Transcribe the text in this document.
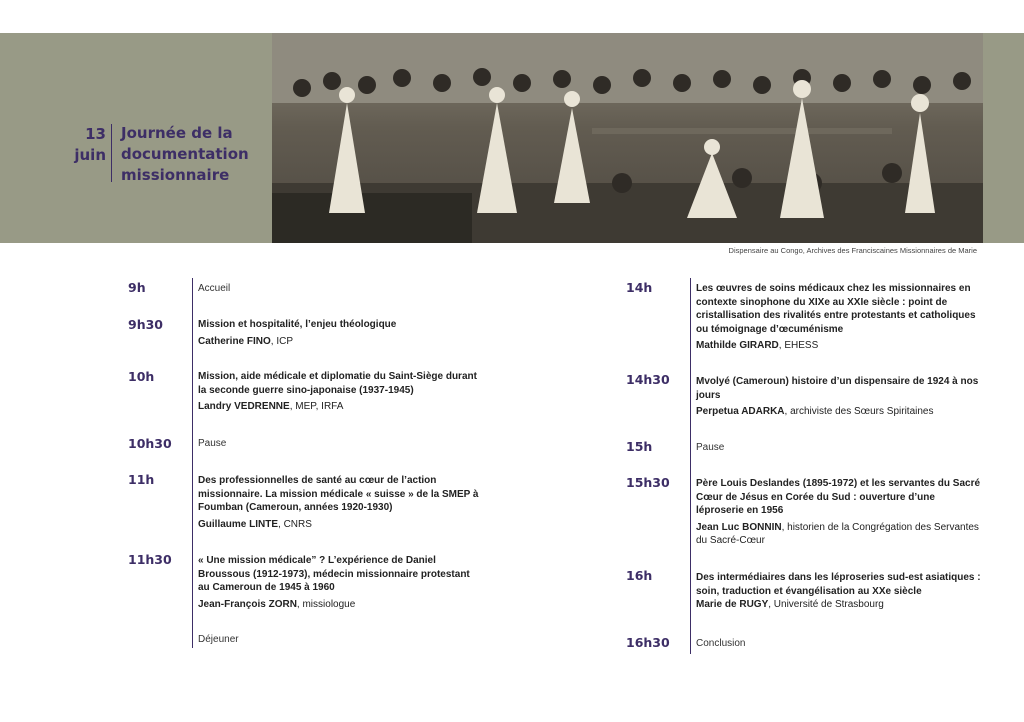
13
juin
Journée de la
documentation
missionnaire
Dispensaire au Congo, Archives des Franciscaines Missionnaires de Marie
9h	Accueil
9h30	Mission et hospitalité, l’enjeu théologique
Catherine FINO, ICP
10h	Mission, aide médicale et diplomatie du Saint-Siège durant la seconde guerre sino-japonaise (1937-1945)
Landry VEDRENNE, MEP, IRFA
10h30	Pause
11h	Des professionnelles de santé au cœur de l’action missionnaire. La mission médicale « suisse » de la SMEP à Foumban (Cameroun, années 1920-1930)
Guillaume LINTE, CNRS
11h30	« Une mission médicale” ? L’expérience de Daniel Broussous (1912-1973), médecin missionnaire protestant au Cameroun de 1945 à 1960
Jean-François ZORN, missiologue
Déjeuner
14h	Les œuvres de soins médicaux chez les missionnaires en contexte sinophone du XIXe au XXIe siècle : point de cristallisation des rivalités entre protestants et catholiques ou témoignage d’œcuménisme
Mathilde GIRARD, EHESS
14h30	Mvolyé (Cameroun) histoire d’un dispensaire de 1924 à nos jours
Perpetua ADARKA, archiviste des Sœurs Spiritaines
15h	Pause
15h30	Père Louis Deslandes (1895-1972) et les servantes du Sacré Cœur de Jésus en Corée du Sud : ouverture d’une léproserie en 1956
Jean Luc BONNIN, historien de la Congrégation des Servantes du Sacré-Cœur
16h	Des intermédiaires dans les léproseries sud-est asiatiques : soin, traduction et évangélisation au XXe siècle
Marie de RUGY, Université de Strasbourg
16h30	Conclusion
